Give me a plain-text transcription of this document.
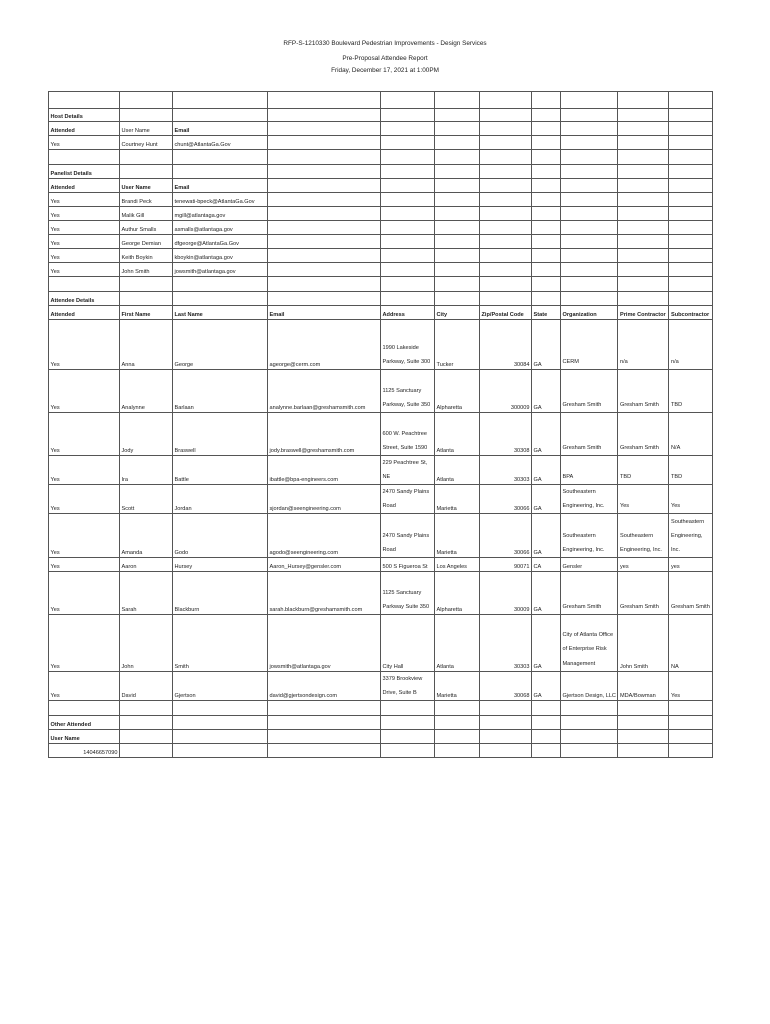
RFP-S-1210330 Boulevard Pedestrian Improvements - Design Services
Pre-Proposal Attendee Report
Friday, December 17, 2021 at 1:00PM

Host Details										
Attended	User Name	Email								
Yes	Courtney Hunt	chunt@AtlantaGa.Gov								

Panelist Details										
Attended	User Name	Email								
Yes	Brandi Peck	tenewati-bpeck@AtlantaGa.Gov								
Yes	Malik Gill	mgill@atlantaga.gov								
Yes	Authur Smalls	asmalls@atlantaga.gov								
Yes	George Demian	dfgeorge@AtlantaGa.Gov								
Yes	Keith Boykin	kboykin@atlantaga.gov								
Yes	John Smith	jowsmith@atlantaga.gov								

Attendee Details										
Attended	First Name	Last Name	Email	Address	City	Zip/Postal Code	State	Organization	Prime Contractor	Subcontractor
Yes	Anna	George	ageorge@cerm.com	1990 Lakeside Parkway, Suite 300	Tucker	30084	GA	CERM	n/a	n/a
Yes	Analynne	Barlaan	analynne.barlaan@greshamsmith.com	1125 Sanctuary Parkway, Suite 350	Alpharetta	300009	GA	Gresham Smith	Gresham Smith	TBD
Yes	Jody	Braswell	jody.braswell@greshamsmith.com	600 W. Peachtree Street, Suite 1590	Atlanta	30308	GA	Gresham Smith	Gresham Smith	N/A
Yes	Ira	Battle	ibattle@bpa-engineers.com	229 Peachtree St, NE	Atlanta	30303	GA	BPA	TBD	TBD
Yes	Scott	Jordan	sjordan@seengineering.com	2470 Sandy Plains Road	Marietta	30066	GA	Southeastern Engineering, Inc.	Yes	Yes
Yes	Amanda	Godo	agodo@seengineering.com	2470 Sandy Plains Road	Marietta	30066	GA	Southeastern Engineering, Inc.	Southeastern Engineering, Inc.	Southeastern Engineering, Inc.
Yes	Aaron	Hursey	Aaron_Hursey@gensler.com	500 S Figueroa St	Los Angeles	90071	CA	Gensler	yes	yes
Yes	Sarah	Blackburn	sarah.blackburn@greshamsmith.com	1125 Sanctuary Parkway Suite 350	Alpharetta	30009	GA	Gresham Smith	Gresham Smith	Gresham Smith
Yes	John	Smith	jowsmith@atlantaga.gov	City Hall	Atlanta	30303	GA	City of Atlanta Office of Enterprise Risk Management	John Smith	NA
Yes	David	Gjertson	david@gjertsondesign.com	3379 Brookview Drive, Suite B	Marietta	30068	GA	Gjertson Design, LLC	MDA/Bowman	Yes

Other Attended										
User Name										
14046657090										
